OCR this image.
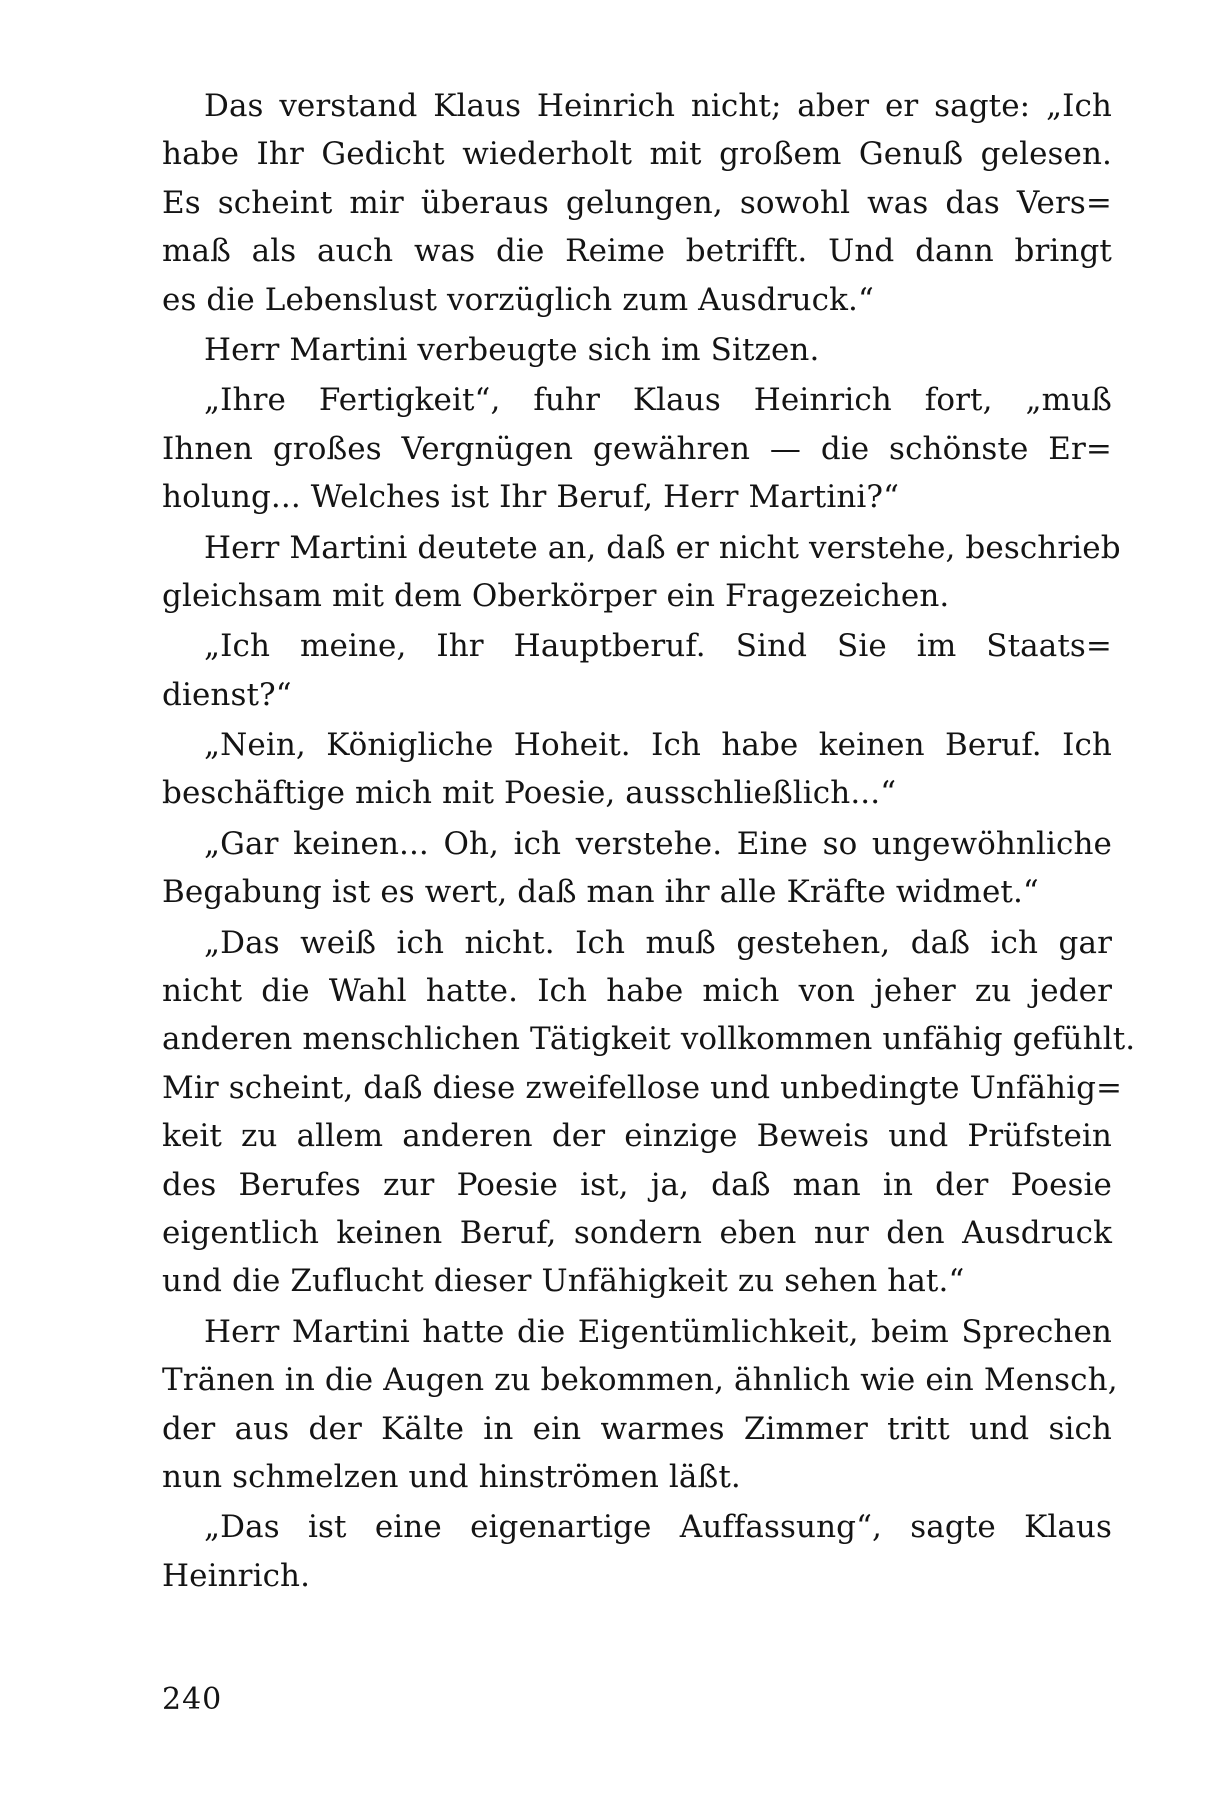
Das verstand Klaus Heinrich nicht; aber er sagte: „Ich
habe Ihr Gedicht wiederholt mit großem Genuß gelesen.
Es scheint mir überaus gelungen, sowohl was das Vers=
maß als auch was die Reime betrifft. Und dann bringt
es die Lebenslust vorzüglich zum Ausdruck.“
Herr Martini verbeugte sich im Sitzen.
„Ihre Fertigkeit“, fuhr Klaus Heinrich fort, „muß
Ihnen großes Vergnügen gewähren — die schönste Er=
holung... Welches ist Ihr Beruf, Herr Martini?“
Herr Martini deutete an, daß er nicht verstehe, beschrieb
gleichsam mit dem Oberkörper ein Fragezeichen.
„Ich meine, Ihr Hauptberuf. Sind Sie im Staats=
dienst?“
„Nein, Königliche Hoheit. Ich habe keinen Beruf. Ich
beschäftige mich mit Poesie, ausschließlich...“
„Gar keinen... Oh, ich verstehe. Eine so ungewöhnliche
Begabung ist es wert, daß man ihr alle Kräfte widmet.“
„Das weiß ich nicht. Ich muß gestehen, daß ich gar
nicht die Wahl hatte. Ich habe mich von jeher zu jeder
anderen menschlichen Tätigkeit vollkommen unfähig gefühlt.
Mir scheint, daß diese zweifellose und unbedingte Unfähig=
keit zu allem anderen der einzige Beweis und Prüfstein
des Berufes zur Poesie ist, ja, daß man in der Poesie
eigentlich keinen Beruf, sondern eben nur den Ausdruck
und die Zuflucht dieser Unfähigkeit zu sehen hat.“
Herr Martini hatte die Eigentümlichkeit, beim Sprechen
Tränen in die Augen zu bekommen, ähnlich wie ein Mensch,
der aus der Kälte in ein warmes Zimmer tritt und sich
nun schmelzen und hinströmen läßt.
„Das ist eine eigenartige Auffassung“, sagte Klaus
Heinrich.
240
